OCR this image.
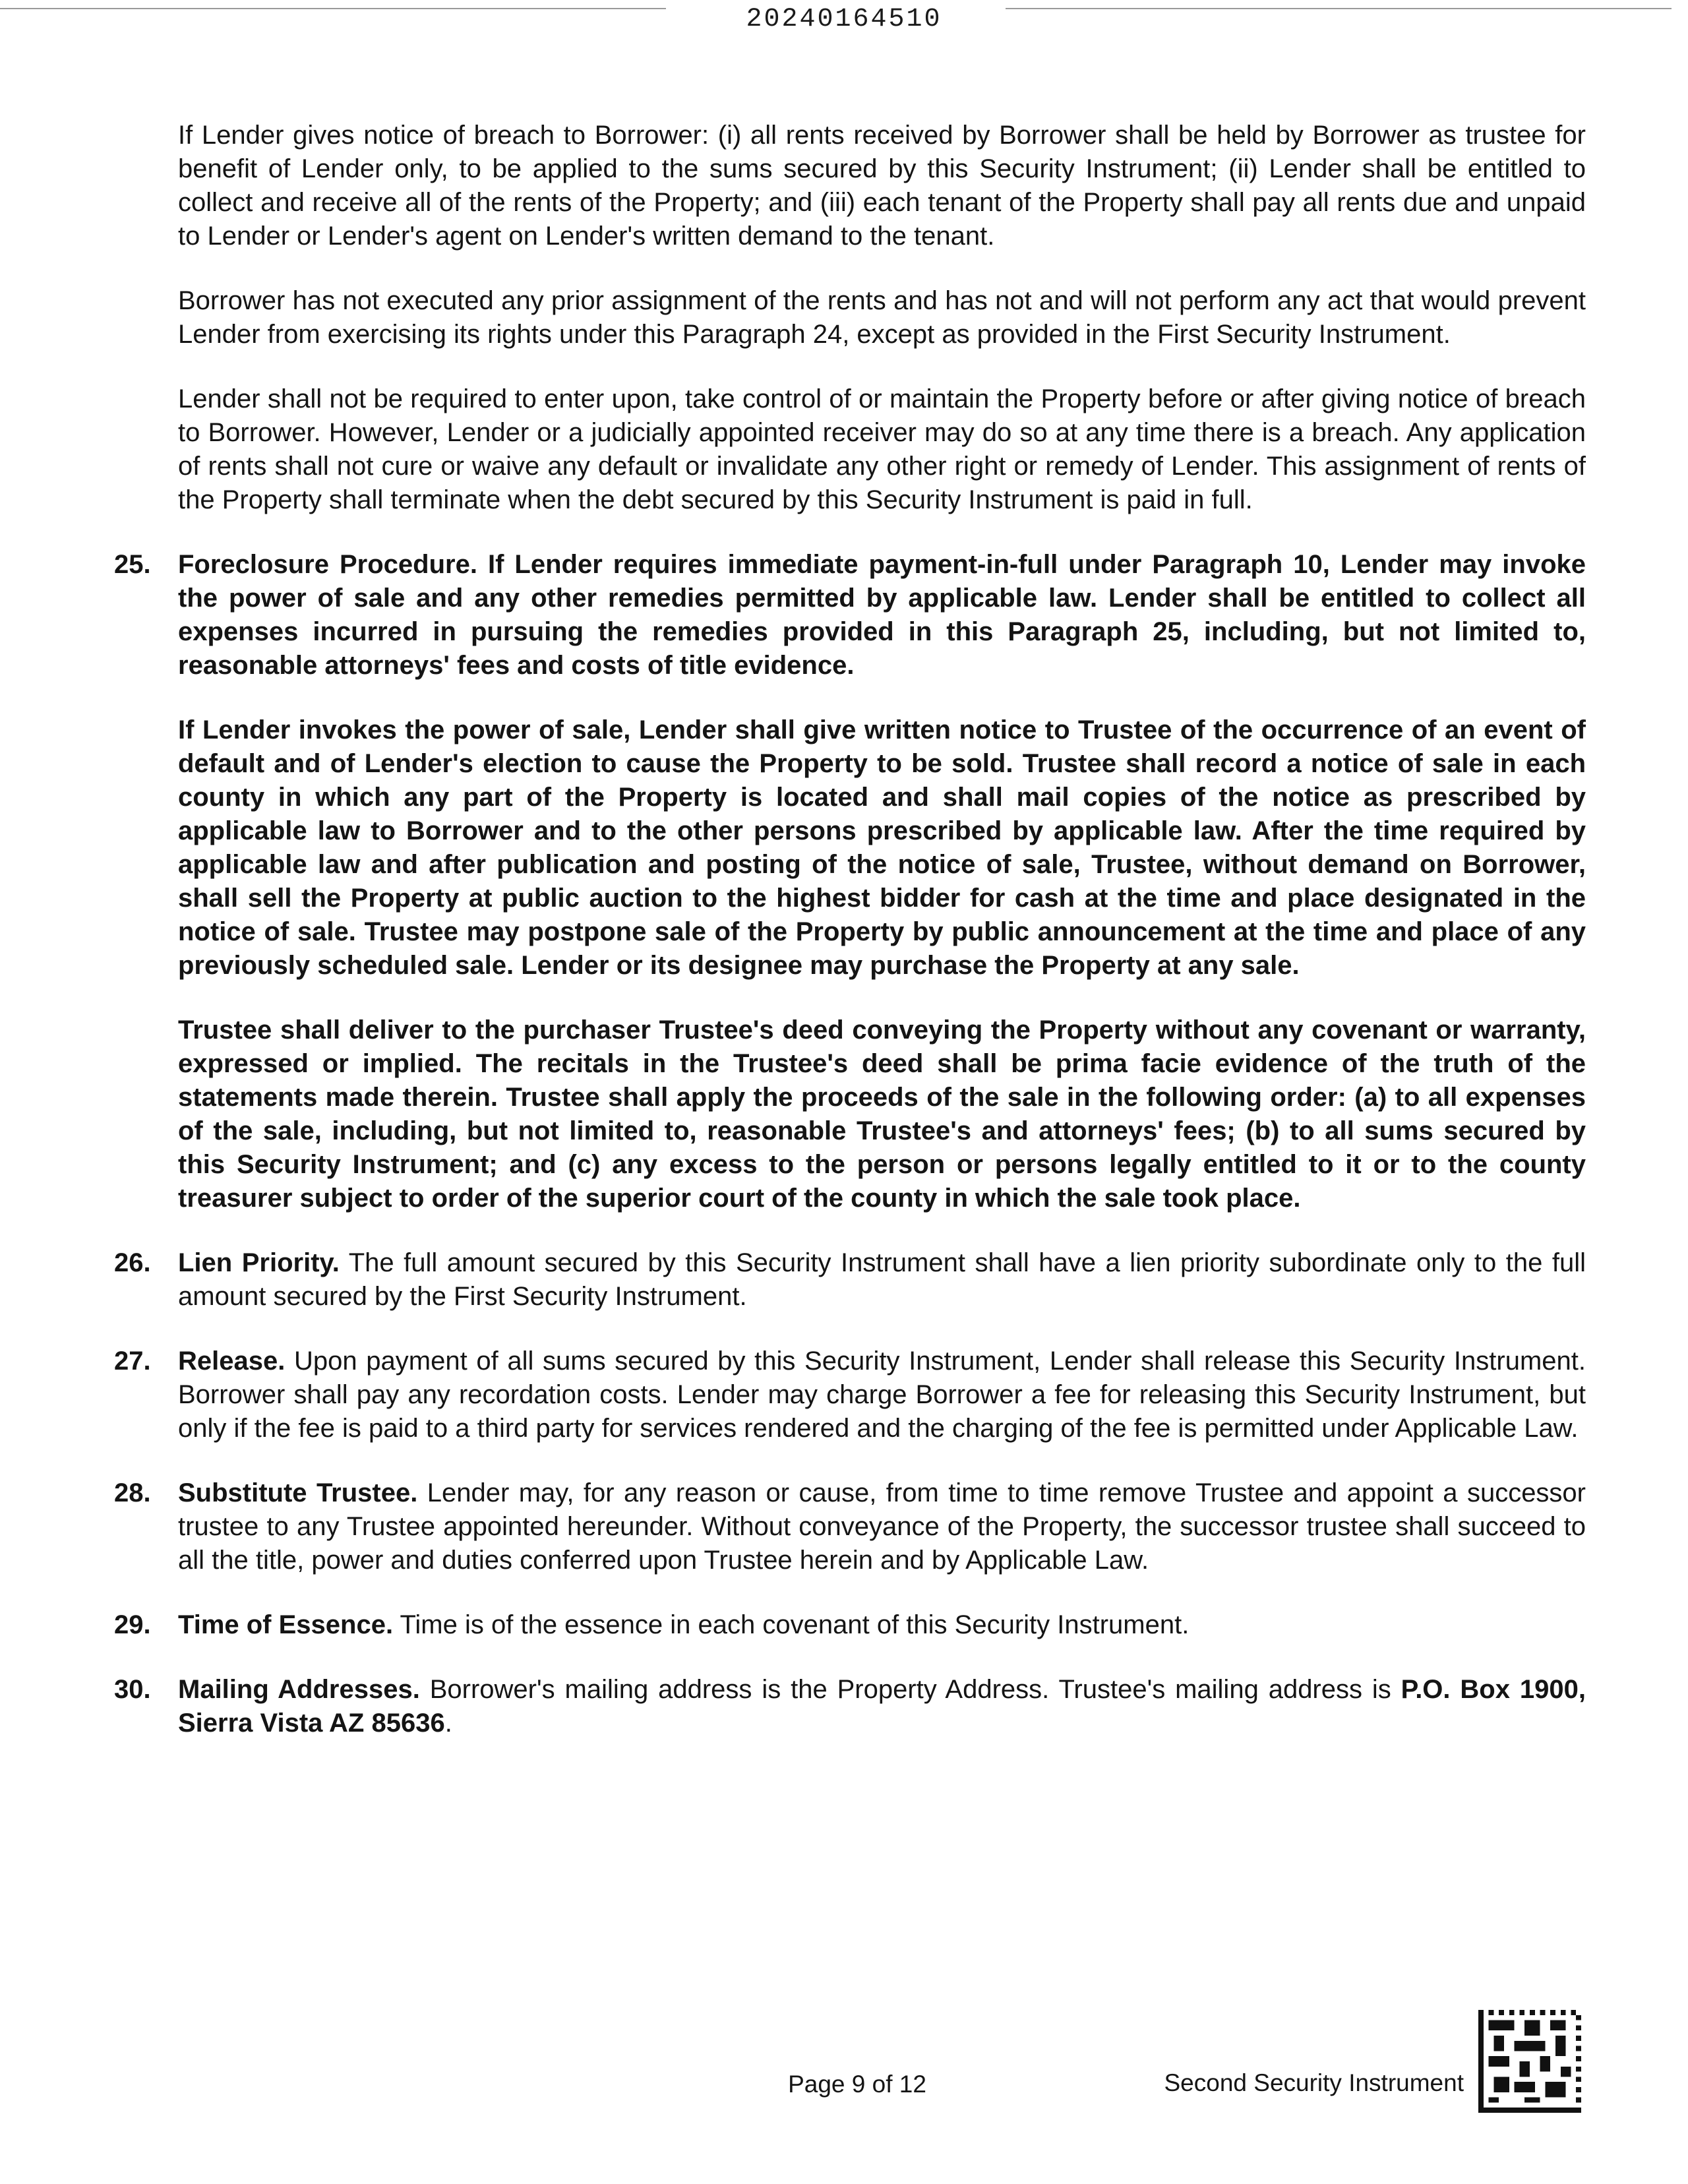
20240164510

If Lender gives notice of breach to Borrower: (i) all rents received by Borrower shall be held by Borrower as trustee for benefit of Lender only, to be applied to the sums secured by this Security Instrument; (ii) Lender shall be entitled to collect and receive all of the rents of the Property; and (iii) each tenant of the Property shall pay all rents due and unpaid to Lender or Lender's agent on Lender's written demand to the tenant.

Borrower has not executed any prior assignment of the rents and has not and will not perform any act that would prevent Lender from exercising its rights under this Paragraph 24, except as provided in the First Security Instrument.

Lender shall not be required to enter upon, take control of or maintain the Property before or after giving notice of breach to Borrower. However, Lender or a judicially appointed receiver may do so at any time there is a breach. Any application of rents shall not cure or waive any default or invalidate any other right or remedy of Lender. This assignment of rents of the Property shall terminate when the debt secured by this Security Instrument is paid in full.

25. Foreclosure Procedure. If Lender requires immediate payment-in-full under Paragraph 10, Lender may invoke the power of sale and any other remedies permitted by applicable law. Lender shall be entitled to collect all expenses incurred in pursuing the remedies provided in this Paragraph 25, including, but not limited to, reasonable attorneys' fees and costs of title evidence.

If Lender invokes the power of sale, Lender shall give written notice to Trustee of the occurrence of an event of default and of Lender's election to cause the Property to be sold. Trustee shall record a notice of sale in each county in which any part of the Property is located and shall mail copies of the notice as prescribed by applicable law to Borrower and to the other persons prescribed by applicable law. After the time required by applicable law and after publication and posting of the notice of sale, Trustee, without demand on Borrower, shall sell the Property at public auction to the highest bidder for cash at the time and place designated in the notice of sale. Trustee may postpone sale of the Property by public announcement at the time and place of any previously scheduled sale. Lender or its designee may purchase the Property at any sale.

Trustee shall deliver to the purchaser Trustee's deed conveying the Property without any covenant or warranty, expressed or implied. The recitals in the Trustee's deed shall be prima facie evidence of the truth of the statements made therein. Trustee shall apply the proceeds of the sale in the following order: (a) to all expenses of the sale, including, but not limited to, reasonable Trustee's and attorneys' fees; (b) to all sums secured by this Security Instrument; and (c) any excess to the person or persons legally entitled to it or to the county treasurer subject to order of the superior court of the county in which the sale took place.

26. Lien Priority. The full amount secured by this Security Instrument shall have a lien priority subordinate only to the full amount secured by the First Security Instrument.

27. Release. Upon payment of all sums secured by this Security Instrument, Lender shall release this Security Instrument. Borrower shall pay any recordation costs. Lender may charge Borrower a fee for releasing this Security Instrument, but only if the fee is paid to a third party for services rendered and the charging of the fee is permitted under Applicable Law.

28. Substitute Trustee. Lender may, for any reason or cause, from time to time remove Trustee and appoint a successor trustee to any Trustee appointed hereunder. Without conveyance of the Property, the successor trustee shall succeed to all the title, power and duties conferred upon Trustee herein and by Applicable Law.

29. Time of Essence. Time is of the essence in each covenant of this Security Instrument.

30. Mailing Addresses. Borrower's mailing address is the Property Address. Trustee's mailing address is P.O. Box 1900, Sierra Vista AZ 85636.

Page 9 of 12	Second Security Instrument
